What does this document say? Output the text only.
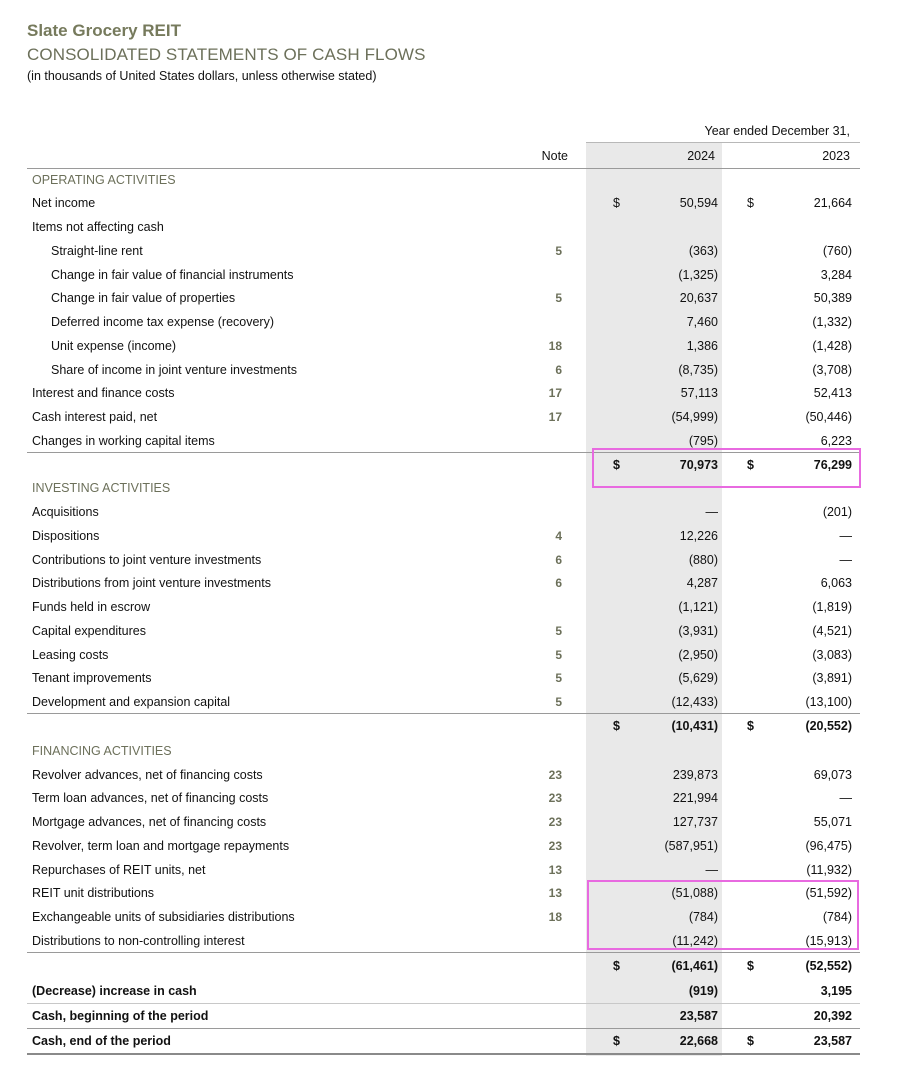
Slate Grocery REIT
CONSOLIDATED STATEMENTS OF CASH FLOWS
(in thousands of United States dollars, unless otherwise stated)
Year ended December 31,
Note	2024	2023
OPERATING ACTIVITIES
Net income	$	50,594 $	21,664
Items not affecting cash
Straight-line rent	5	(363)	(760)
Change in fair value of financial instruments	(1,325)	3,284
Change in fair value of properties	5	20,637	50,389
Deferred income tax expense (recovery)	7,460	(1,332)
Unit expense (income)	18	1,386	(1,428)
Share of income in joint venture investments	6	(8,735)	(3,708)
Interest and finance costs	17	57,113	52,413
Cash interest paid, net	17	(54,999)	(50,446)
Changes in working capital items	(795)	6,223
$	70,973 $	76,299
INVESTING ACTIVITIES
Acquisitions	—	(201)
Dispositions	4	12,226	—
Contributions to joint venture investments	6	(880)	—
Distributions from joint venture investments	6	4,287	6,063
Funds held in escrow	(1,121)	(1,819)
Capital expenditures	5	(3,931)	(4,521)
Leasing costs	5	(2,950)	(3,083)
Tenant improvements	5	(5,629)	(3,891)
Development and expansion capital	5	(12,433)	(13,100)
$	(10,431) $	(20,552)
FINANCING ACTIVITIES
Revolver advances, net of financing costs	23	239,873	69,073
Term loan advances, net of financing costs	23	221,994	—
Mortgage advances, net of financing costs	23	127,737	55,071
Revolver, term loan and mortgage repayments	23	(587,951)	(96,475)
Repurchases of REIT units, net	13	—	(11,932)
REIT unit distributions	13	(51,088)	(51,592)
Exchangeable units of subsidiaries distributions	18	(784)	(784)
Distributions to non-controlling interest	(11,242)	(15,913)
$	(61,461) $	(52,552)
(Decrease) increase in cash	(919)	3,195
Cash, beginning of the period	23,587	20,392
Cash, end of the period	$	22,668 $	23,587
